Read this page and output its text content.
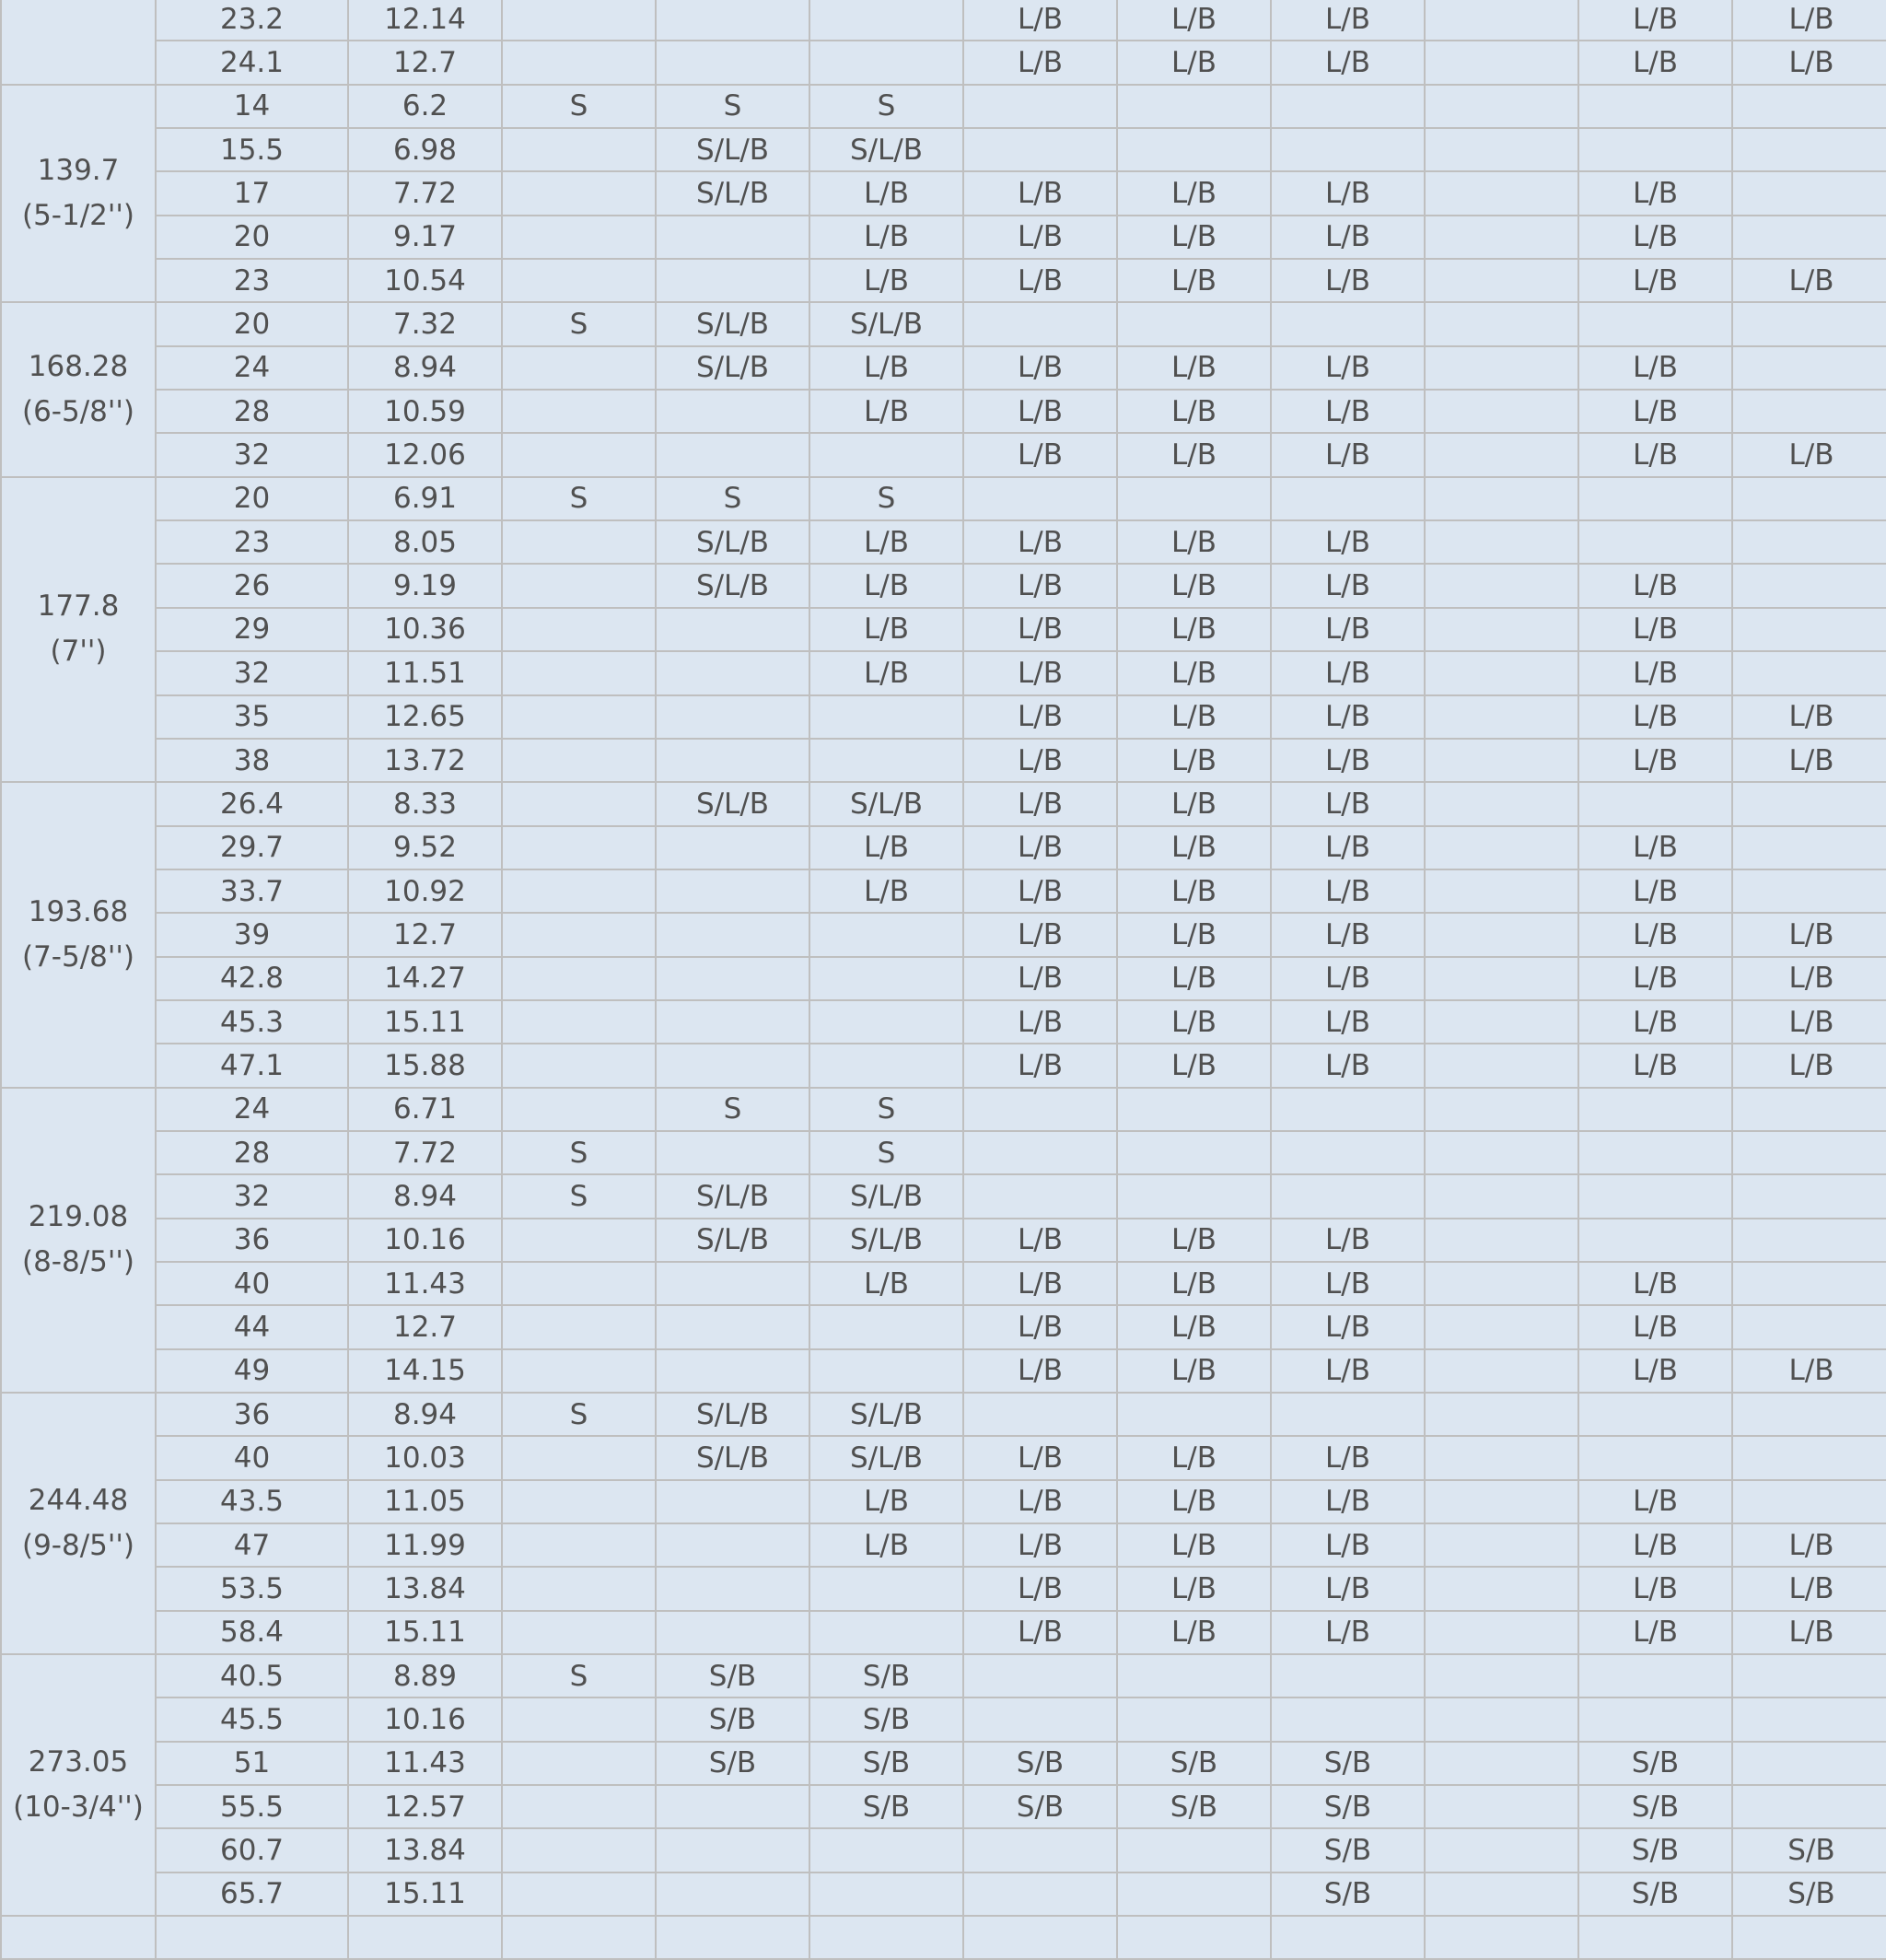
	23.2	12.14				L/B	L/B	L/B		L/B	L/B
	24.1	12.7				L/B	L/B	L/B		L/B	L/B

139.7
(5-1/2'')	14	6.2	S	S	S						
	15.5	6.98		S/L/B	S/L/B						
	17	7.72		S/L/B	L/B	L/B	L/B	L/B		L/B	
	20	9.17			L/B	L/B	L/B	L/B		L/B	
	23	10.54			L/B	L/B	L/B	L/B		L/B	L/B

168.28
(6-5/8'')	20	7.32	S	S/L/B	S/L/B						
	24	8.94		S/L/B	L/B	L/B	L/B	L/B		L/B	
	28	10.59			L/B	L/B	L/B	L/B		L/B	
	32	12.06				L/B	L/B	L/B		L/B	L/B

177.8
(7'')	20	6.91	S	S	S						
	23	8.05		S/L/B	L/B	L/B	L/B	L/B			
	26	9.19		S/L/B	L/B	L/B	L/B	L/B		L/B	
	29	10.36			L/B	L/B	L/B	L/B		L/B	
	32	11.51			L/B	L/B	L/B	L/B		L/B	
	35	12.65				L/B	L/B	L/B		L/B	L/B
	38	13.72				L/B	L/B	L/B		L/B	L/B

193.68
(7-5/8'')	26.4	8.33		S/L/B	S/L/B	L/B	L/B	L/B			
	29.7	9.52			L/B	L/B	L/B	L/B		L/B	
	33.7	10.92			L/B	L/B	L/B	L/B		L/B	
	39	12.7				L/B	L/B	L/B		L/B	L/B
	42.8	14.27				L/B	L/B	L/B		L/B	L/B
	45.3	15.11				L/B	L/B	L/B		L/B	L/B
	47.1	15.88				L/B	L/B	L/B		L/B	L/B

219.08
(8-8/5'')	24	6.71		S	S						
	28	7.72	S		S						
	32	8.94	S	S/L/B	S/L/B						
	36	10.16		S/L/B	S/L/B	L/B	L/B	L/B			
	40	11.43			L/B	L/B	L/B	L/B		L/B	
	44	12.7				L/B	L/B	L/B		L/B	
	49	14.15				L/B	L/B	L/B		L/B	L/B

244.48
(9-8/5'')	36	8.94	S	S/L/B	S/L/B						
	40	10.03		S/L/B	S/L/B	L/B	L/B	L/B			
	43.5	11.05			L/B	L/B	L/B	L/B		L/B	
	47	11.99			L/B	L/B	L/B	L/B		L/B	L/B
	53.5	13.84				L/B	L/B	L/B		L/B	L/B
	58.4	15.11				L/B	L/B	L/B		L/B	L/B

273.05
(10-3/4'')	40.5	8.89	S	S/B	S/B						
	45.5	10.16		S/B	S/B						
	51	11.43		S/B	S/B	S/B	S/B	S/B		S/B	
	55.5	12.57			S/B	S/B	S/B	S/B		S/B	
	60.7	13.84						S/B		S/B	S/B
	65.7	15.11						S/B		S/B	S/B
